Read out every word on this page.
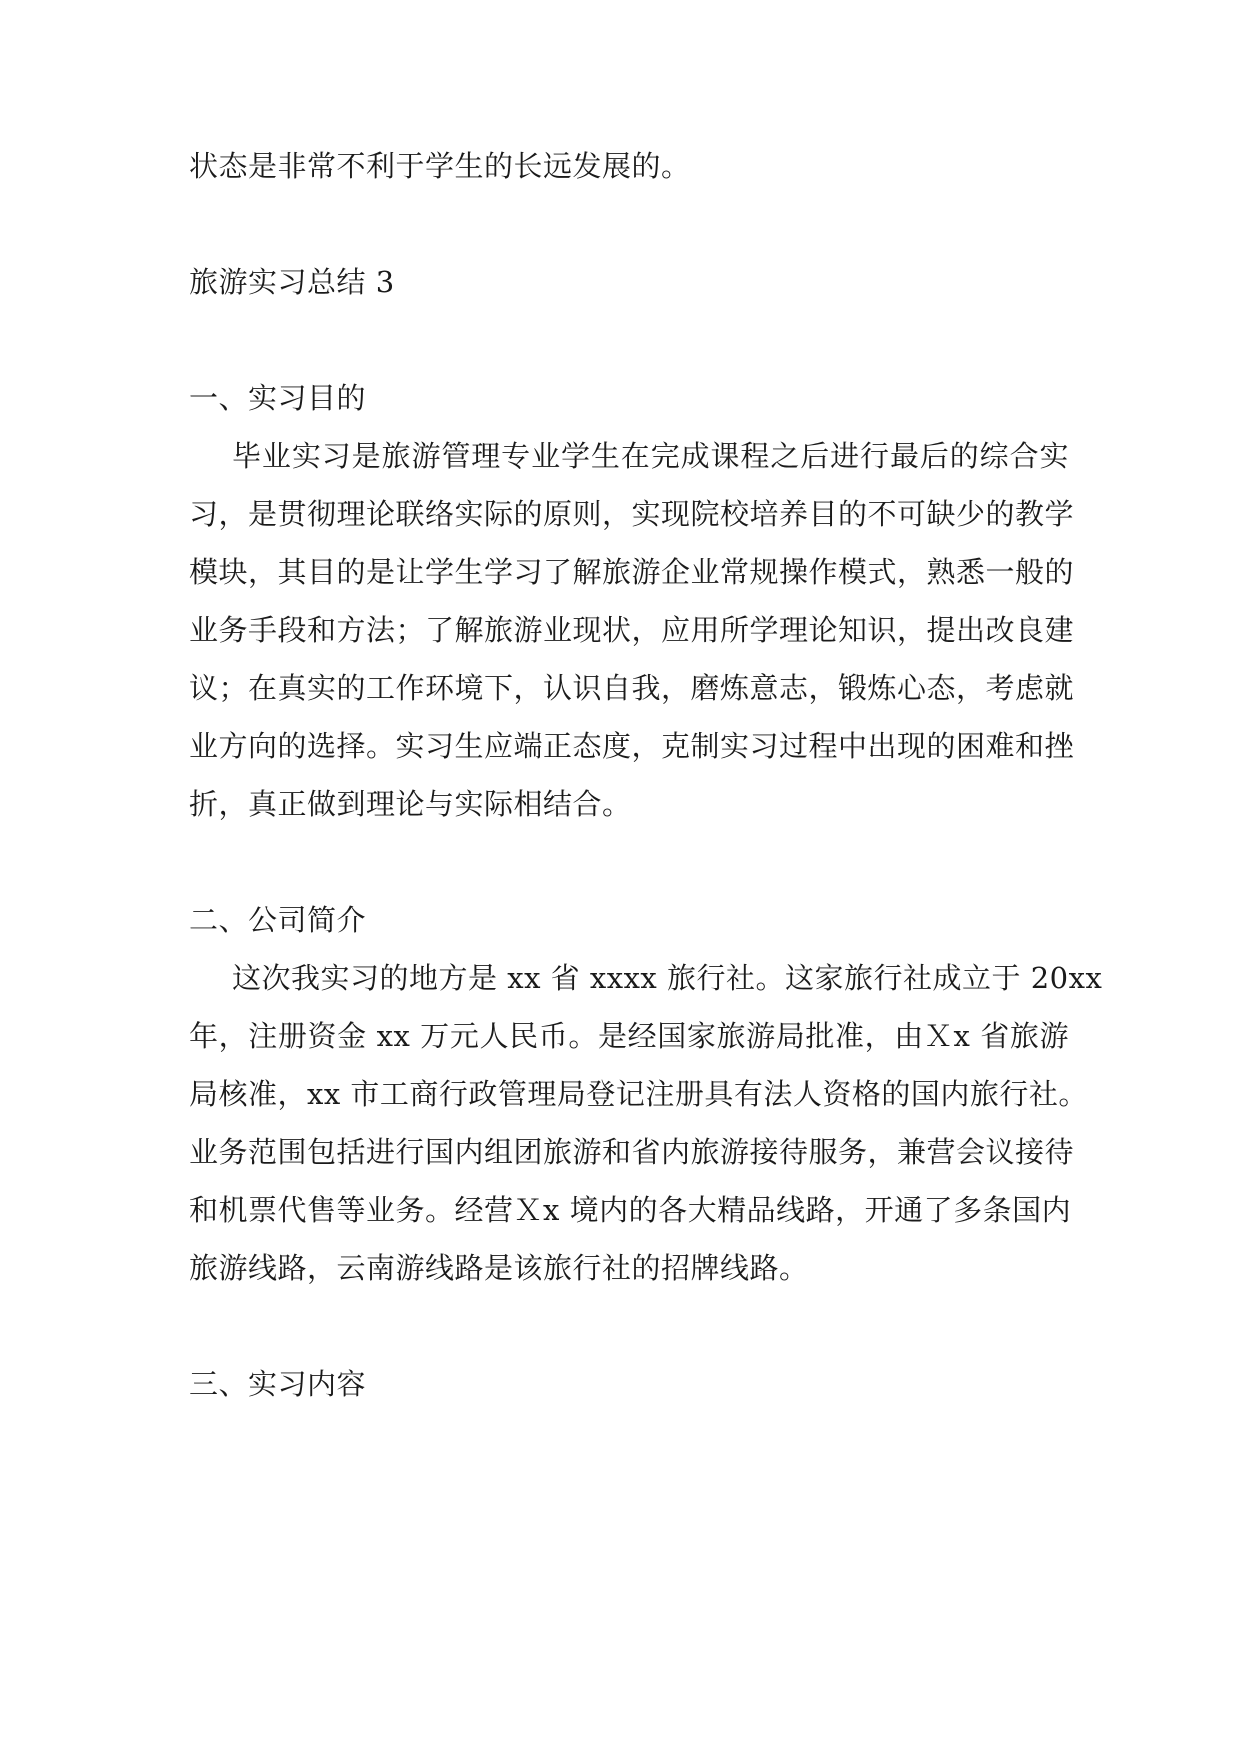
状态是非常不利于学生的长远发展的。
旅游实习总结 3
一、实习目的
毕业实习是旅游管理专业学生在完成课程之后进行最后的综合实
习，是贯彻理论联络实际的原则，实现院校培养目的不可缺少的教学
模块，其目的是让学生学习了解旅游企业常规操作模式，熟悉一般的
业务手段和方法；了解旅游业现状，应用所学理论知识，提出改良建
议；在真实的工作环境下，认识自我，磨炼意志，锻炼心态，考虑就
业方向的选择。实习生应端正态度，克制实习过程中出现的困难和挫
折，真正做到理论与实际相结合。
二、公司简介
这次我实习的地方是 xx 省 xxxx 旅行社。这家旅行社成立于 20xx
年，注册资金 xx 万元人民币。是经国家旅游局批准，由Ｘx 省旅游
局核准，xx 市工商行政管理局登记注册具有法人资格的国内旅行社。
业务范围包括进行国内组团旅游和省内旅游接待服务，兼营会议接待
和机票代售等业务。经营Ｘx 境内的各大精品线路，开通了多条国内
旅游线路，云南游线路是该旅行社的招牌线路。
三、实习内容
